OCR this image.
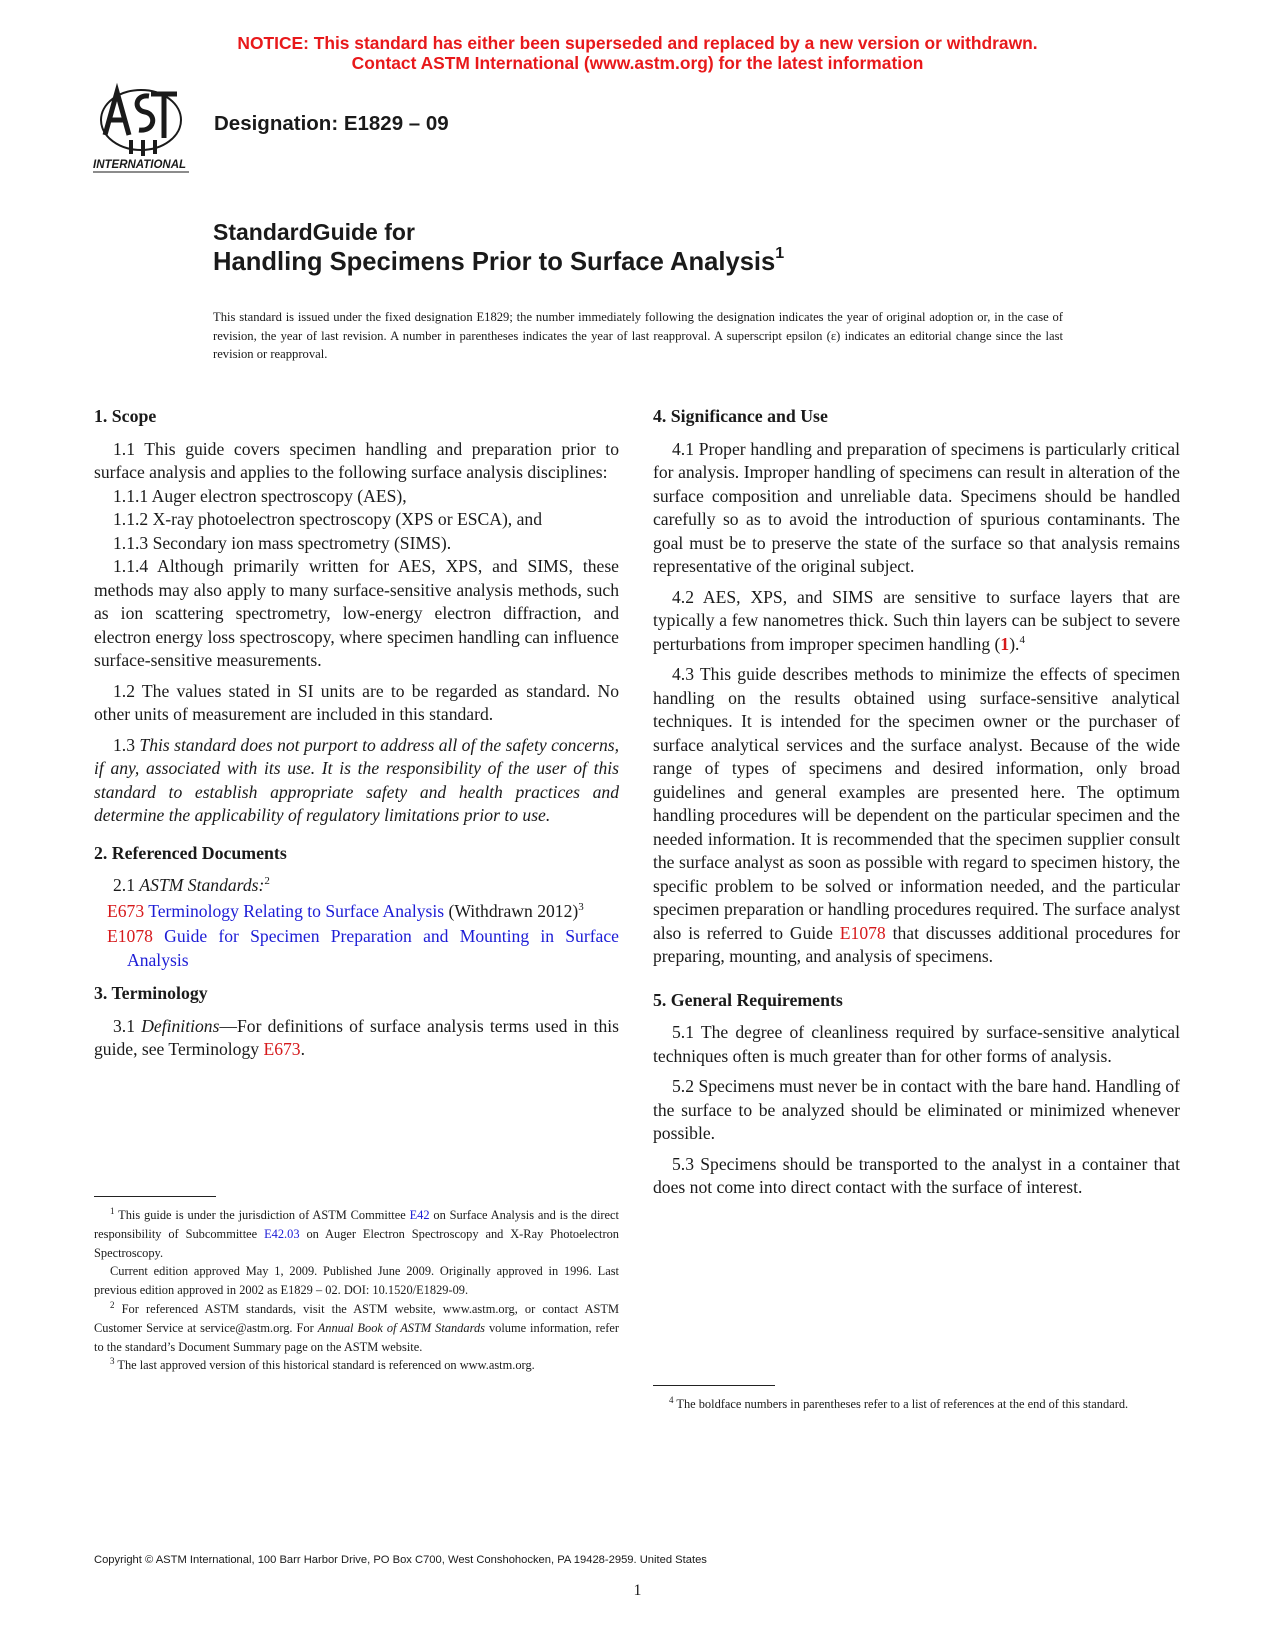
NOTICE: This standard has either been superseded and replaced by a new version or withdrawn.
Contact ASTM International (www.astm.org) for the latest information
INTERNATIONAL
Designation: E1829 – 09
StandardGuide for
Handling Specimens Prior to Surface Analysis$^1$
This standard is issued under the fixed designation E1829; the number immediately following the designation indicates the year of original adoption or, in the case of revision, the year of last revision. A number in parentheses indicates the year of last reapproval. A superscript epsilon (ε) indicates an editorial change since the last revision or reapproval.
1. Scope

1.1 This guide covers specimen handling and preparation prior to surface analysis and applies to the following surface analysis disciplines:

1.1.1 Auger electron spectroscopy (AES),

1.1.2 X-ray photoelectron spectroscopy (XPS or ESCA), and

1.1.3 Secondary ion mass spectrometry (SIMS).

1.1.4 Although primarily written for AES, XPS, and SIMS, these methods may also apply to many surface-sensitive analysis methods, such as ion scattering spectrometry, low-energy electron diffraction, and electron energy loss spectroscopy, where specimen handling can influence surface-sensitive measurements.

1.2 The values stated in SI units are to be regarded as standard. No other units of measurement are included in this standard.

1.3 This standard does not purport to address all of the safety concerns, if any, associated with its use. It is the responsibility of the user of this standard to establish appropriate safety and health practices and determine the applicability of regulatory limitations prior to use.

2. Referenced Documents

2.1 ASTM Standards:$^2$

E673 Terminology Relating to Surface Analysis (Withdrawn 2012)$^3$

E1078 Guide for Specimen Preparation and Mounting in Surface Analysis

3. Terminology

3.1 Definitions—For definitions of surface analysis terms used in this guide, see Terminology E673.

4. Significance and Use

4.1 Proper handling and preparation of specimens is particularly critical for analysis. Improper handling of specimens can result in alteration of the surface composition and unreliable data. Specimens should be handled carefully so as to avoid the introduction of spurious contaminants. The goal must be to preserve the state of the surface so that analysis remains representative of the original subject.

4.2 AES, XPS, and SIMS are sensitive to surface layers that are typically a few nanometres thick. Such thin layers can be subject to severe perturbations from improper specimen handling (1).$^4$

4.3 This guide describes methods to minimize the effects of specimen handling on the results obtained using surface-sensitive analytical techniques. It is intended for the specimen owner or the purchaser of surface analytical services and the surface analyst. Because of the wide range of types of specimens and desired information, only broad guidelines and general examples are presented here. The optimum handling procedures will be dependent on the particular specimen and the needed information. It is recommended that the specimen supplier consult the surface analyst as soon as possible with regard to specimen history, the specific problem to be solved or information needed, and the particular specimen preparation or handling procedures required. The surface analyst also is referred to Guide E1078 that discusses additional procedures for preparing, mounting, and analysis of specimens.

5. General Requirements

5.1 The degree of cleanliness required by surface-sensitive analytical techniques often is much greater than for other forms of analysis.

5.2 Specimens must never be in contact with the bare hand. Handling of the surface to be analyzed should be eliminated or minimized whenever possible.

5.3 Specimens should be transported to the analyst in a container that does not come into direct contact with the surface of interest.

$^1$ This guide is under the jurisdiction of ASTM Committee E42 on Surface Analysis and is the direct responsibility of Subcommittee E42.03 on Auger Electron Spectroscopy and X-Ray Photoelectron Spectroscopy.

Current edition approved May 1, 2009. Published June 2009. Originally approved in 1996. Last previous edition approved in 2002 as E1829 – 02. DOI: 10.1520/E1829-09.

$^2$ For referenced ASTM standards, visit the ASTM website, www.astm.org, or contact ASTM Customer Service at service@astm.org. For Annual Book of ASTM Standards volume information, refer to the standard’s Document Summary page on the ASTM website.

$^3$ The last approved version of this historical standard is referenced on www.astm.org.

$^4$ The boldface numbers in parentheses refer to a list of references at the end of this standard.

Copyright © ASTM International, 100 Barr Harbor Drive, PO Box C700, West Conshohocken, PA 19428-2959. United States
1
